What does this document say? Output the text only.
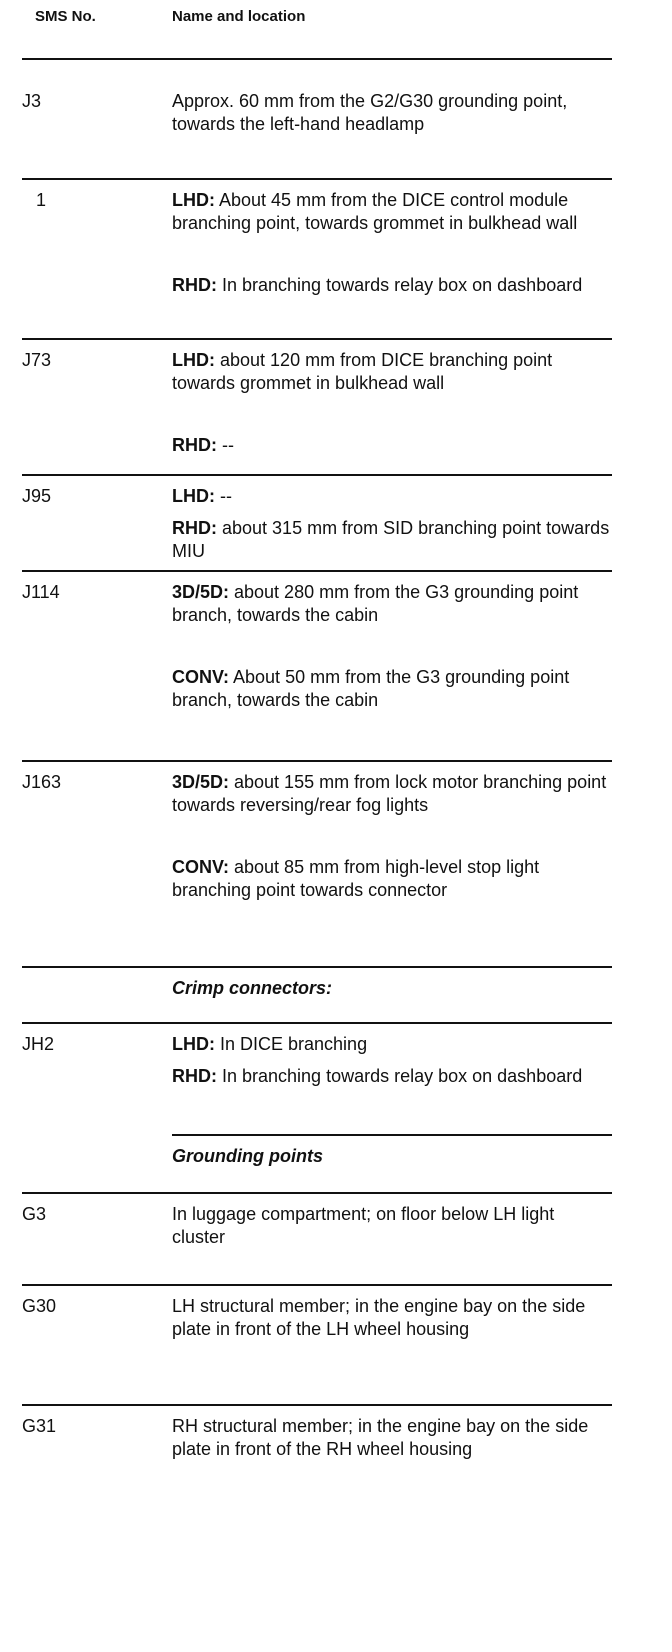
SMS No.	Name and location
J3	Approx. 60 mm from the G2/G30 grounding point, towards the left-hand headlamp

1	LHD: About 45 mm from the DICE control module branching point, towards grommet in bulkhead wall

RHD: In branching towards relay box on dashboard

J73	LHD: about 120 mm from DICE branching point towards grommet in bulkhead wall

RHD: --

J95	LHD: --

RHD: about 315 mm from SID branching point towards MIU

J114	3D/5D: about 280 mm from the G3 grounding point branch, towards the cabin

CONV: About 50 mm from the G3 grounding point branch, towards the cabin

J163	3D/5D: about 155 mm from lock motor branching point towards reversing/rear fog lights

CONV: about 85 mm from high-level stop light branching point towards connector

Crimp connectors:
JH2	LHD: In DICE branching

RHD: In branching towards relay box on dashboard

Grounding points
G3	In luggage compartment; on floor below LH light cluster

G30	LH structural member; in the engine bay on the side plate in front of the LH wheel housing

G31	RH structural member; in the engine bay on the side plate in front of the RH wheel housing
